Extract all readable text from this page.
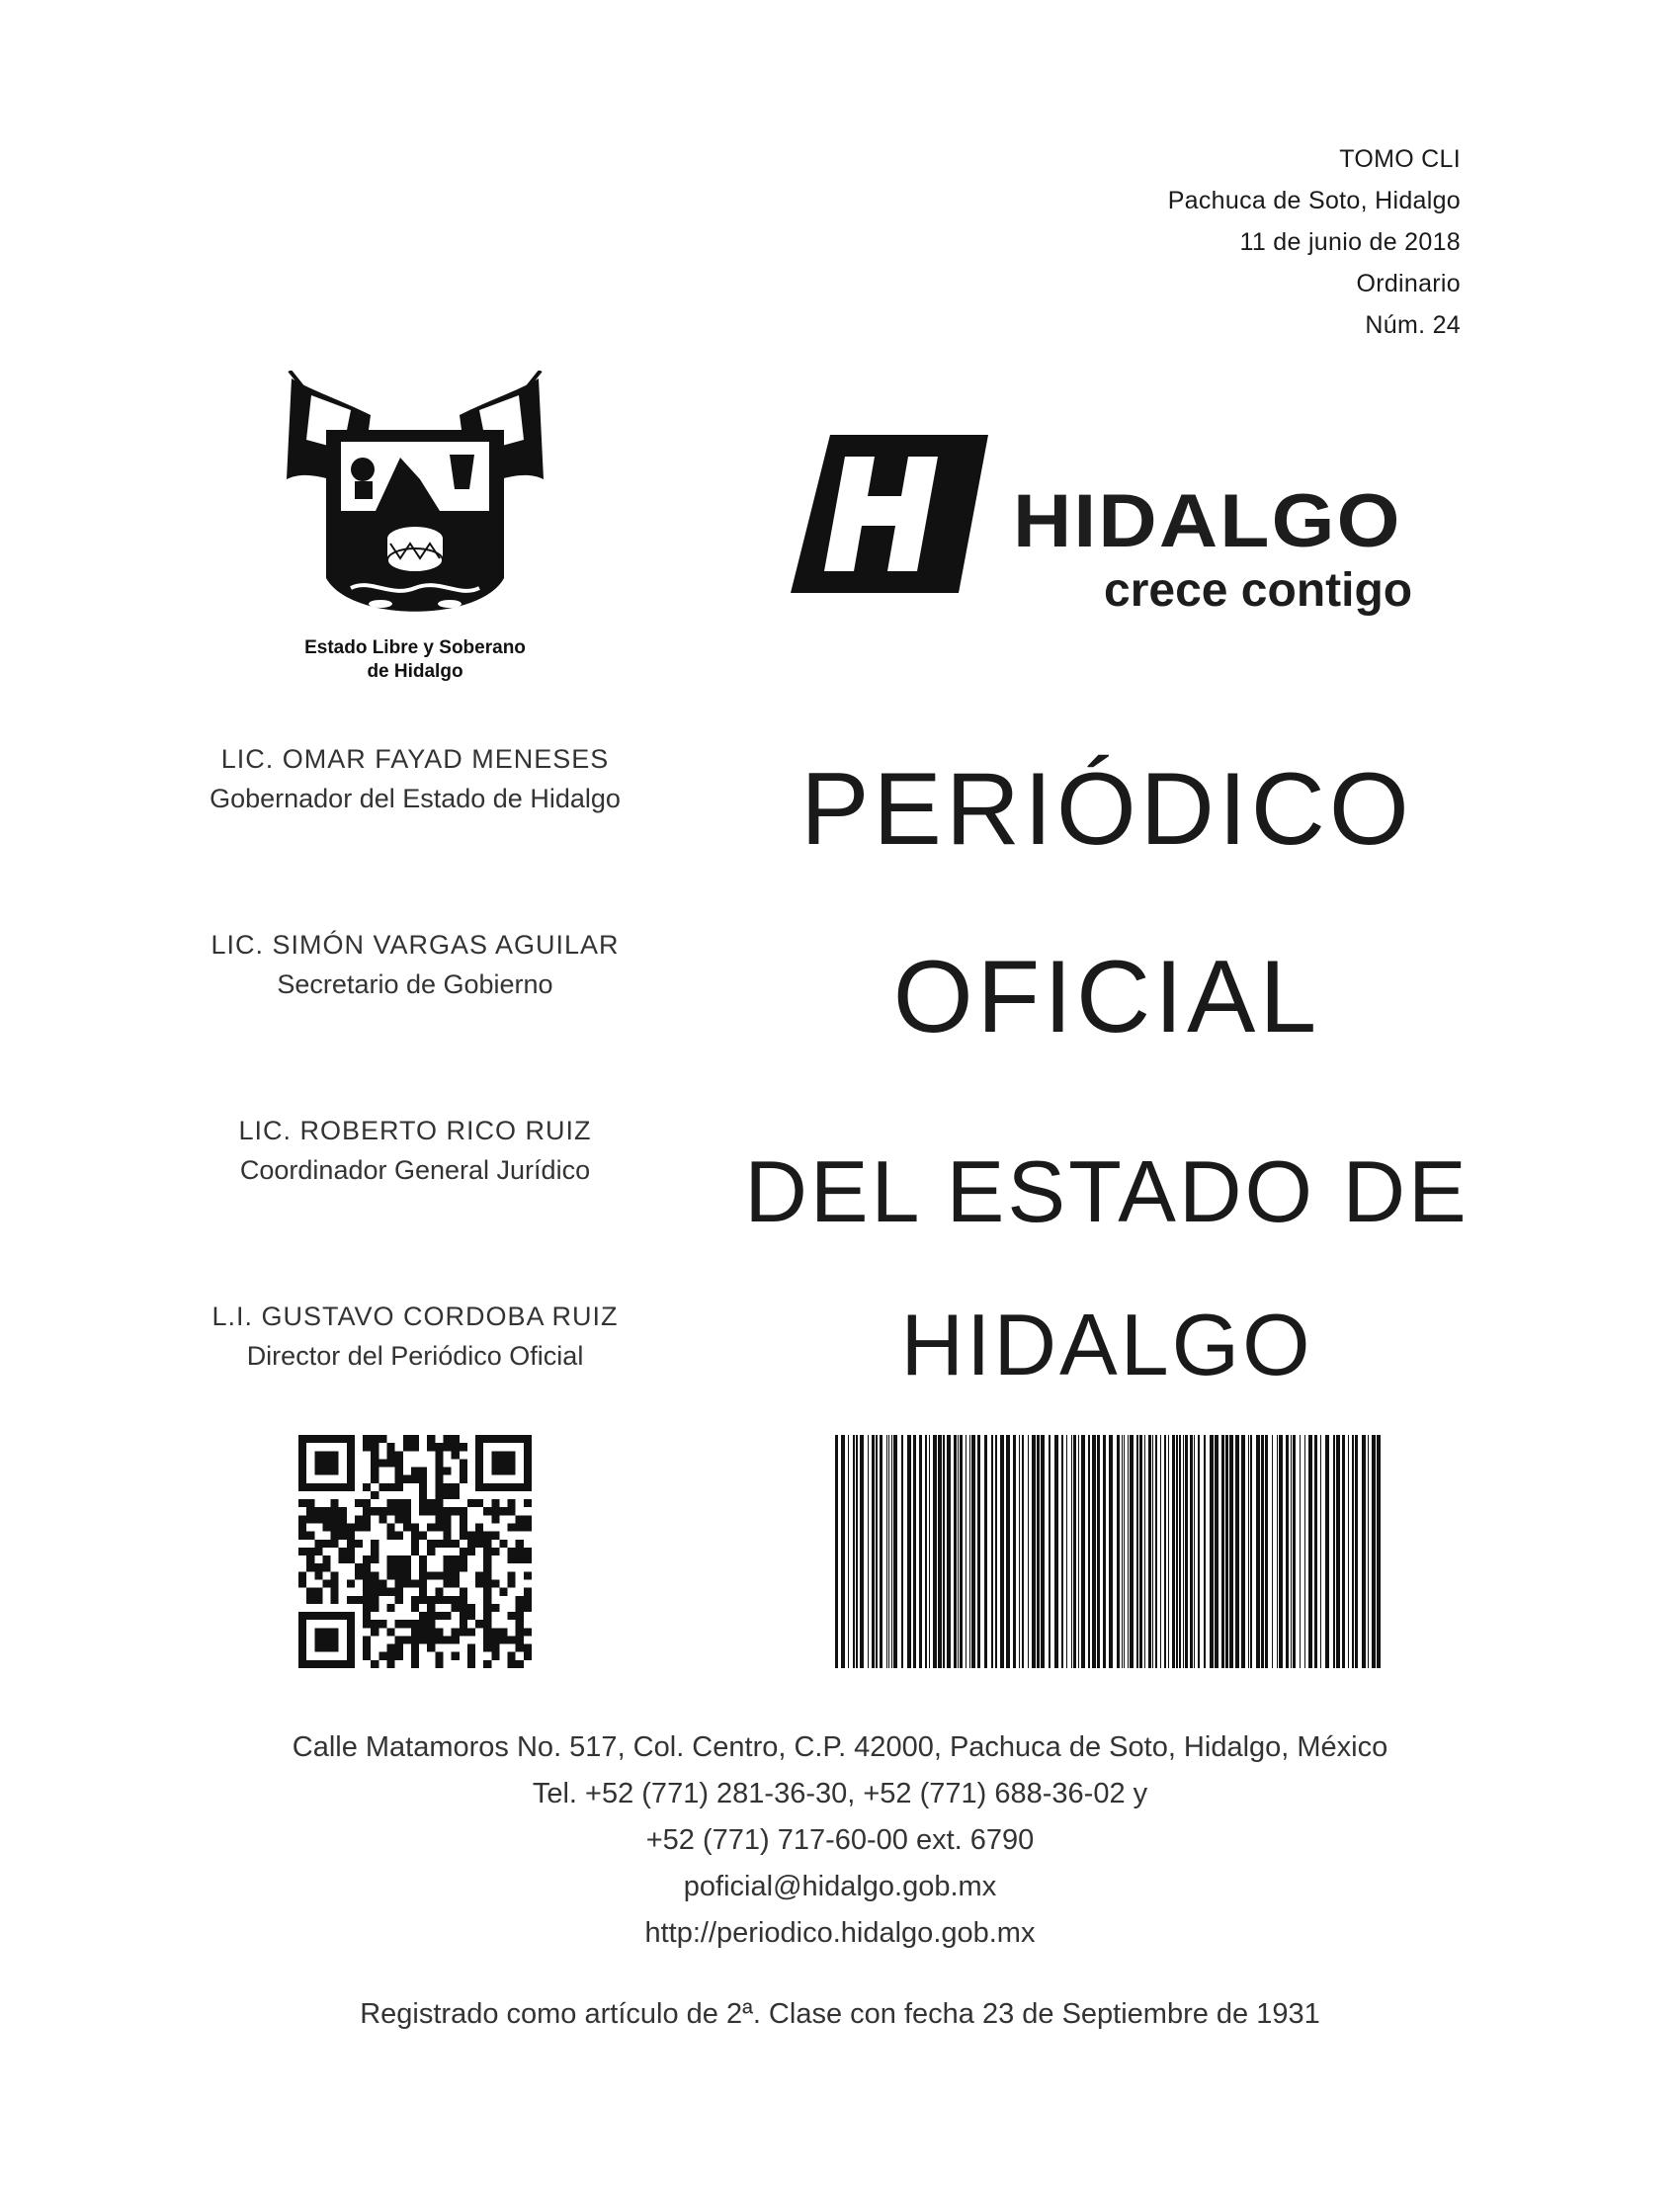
TOMO CLI
Pachuca de Soto, Hidalgo
11 de junio de 2018
Ordinario
Núm. 24
Estado Libre y Soberano
de Hidalgo
HIDALGO
crece contigo
LIC. OMAR FAYAD MENESES
Gobernador del Estado de Hidalgo
LIC. SIMÓN VARGAS AGUILAR
Secretario de Gobierno
LIC. ROBERTO RICO RUIZ
Coordinador General Jurídico
L.I. GUSTAVO CORDOBA RUIZ
Director del Periódico Oficial
PERIÓDICO
OFICIAL
DEL ESTADO DE
HIDALGO
Calle Matamoros No. 517, Col. Centro, C.P. 42000, Pachuca de Soto, Hidalgo, México
Tel. +52 (771) 281-36-30, +52 (771) 688-36-02 y
+52 (771) 717-60-00 ext. 6790
poficial@hidalgo.gob.mx
http://periodico.hidalgo.gob.mx
Registrado como artículo de 2ª. Clase con fecha 23 de Septiembre de 1931
